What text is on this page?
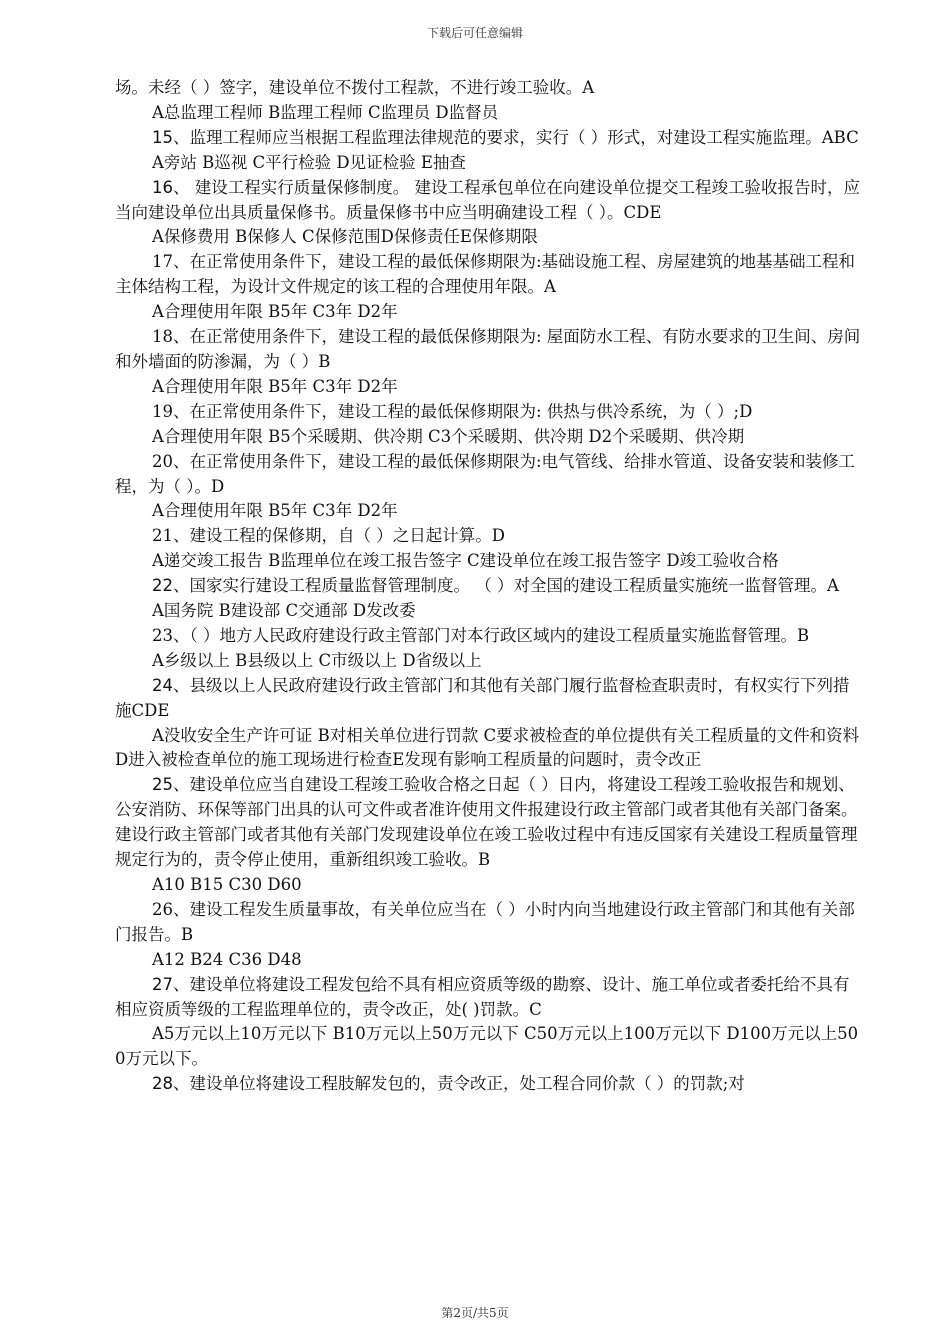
下载后可任意编辑

场。未经（ ）签字，建设单位不拨付工程款，不进行竣工验收。A

A总监理工程师 B监理工程师 C监理员 D监督员

15、监理工程师应当根据工程监理法律规范的要求，实行（ ）形式，对建设工程实施监理。ABC

A旁站 B巡视 C平行检验 D见证检验 E抽查

16、 建设工程实行质量保修制度。 建设工程承包单位在向建设单位提交工程竣工验收报告时，应当向建设单位出具质量保修书。质量保修书中应当明确建设工程（ ）。CDE

A保修费用 B保修人 C保修范围D保修责任E保修期限

17、在正常使用条件下，建设工程的最低保修期限为:基础设施工程、房屋建筑的地基基础工程和主体结构工程，为设计文件规定的该工程的合理使用年限。A

A合理使用年限 B5年 C3年 D2年

18、在正常使用条件下，建设工程的最低保修期限为: 屋面防水工程、有防水要求的卫生间、房间和外墙面的防渗漏，为（ ）B

A合理使用年限 B5年 C3年 D2年

19、在正常使用条件下，建设工程的最低保修期限为: 供热与供冷系统，为（ ）;D

A合理使用年限 B5个采暖期、供冷期 C3个采暖期、供冷期 D2个采暖期、供冷期

20、在正常使用条件下，建设工程的最低保修期限为:电气管线、给排水管道、设备安装和装修工程，为（ ）。D

A合理使用年限 B5年 C3年 D2年

21、建设工程的保修期，自（ ）之日起计算。D

A递交竣工报告 B监理单位在竣工报告签字 C建设单位在竣工报告签字 D竣工验收合格

22、国家实行建设工程质量监督管理制度。 （ ）对全国的建设工程质量实施统一监督管理。A

A国务院 B建设部 C交通部 D发改委

23、（ ）地方人民政府建设行政主管部门对本行政区域内的建设工程质量实施监督管理。B

A乡级以上 B县级以上 C市级以上 D省级以上

24、县级以上人民政府建设行政主管部门和其他有关部门履行监督检查职责时，有权实行下列措施CDE

A没收安全生产许可证 B对相关单位进行罚款 C要求被检查的单位提供有关工程质量的文件和资料D进入被检查单位的施工现场进行检查E发现有影响工程质量的问题时，责令改正

25、建设单位应当自建设工程竣工验收合格之日起（ ）日内，将建设工程竣工验收报告和规划、公安消防、环保等部门出具的认可文件或者准许使用文件报建设行政主管部门或者其他有关部门备案。建设行政主管部门或者其他有关部门发现建设单位在竣工验收过程中有违反国家有关建设工程质量管理规定行为的，责令停止使用，重新组织竣工验收。B

A10 B15 C30 D60

26、建设工程发生质量事故，有关单位应当在（ ）小时内向当地建设行政主管部门和其他有关部门报告。B

A12 B24 C36 D48

27、建设单位将建设工程发包给不具有相应资质等级的勘察、设计、施工单位或者委托给不具有相应资质等级的工程监理单位的，责令改正，处( )罚款。C

A5万元以上10万元以下 B10万元以上50万元以下 C50万元以上100万元以下 D100万元以上500万元以下。

28、建设单位将建设工程肢解发包的，责令改正，处工程合同价款（ ）的罚款;对

第2页/共5页
